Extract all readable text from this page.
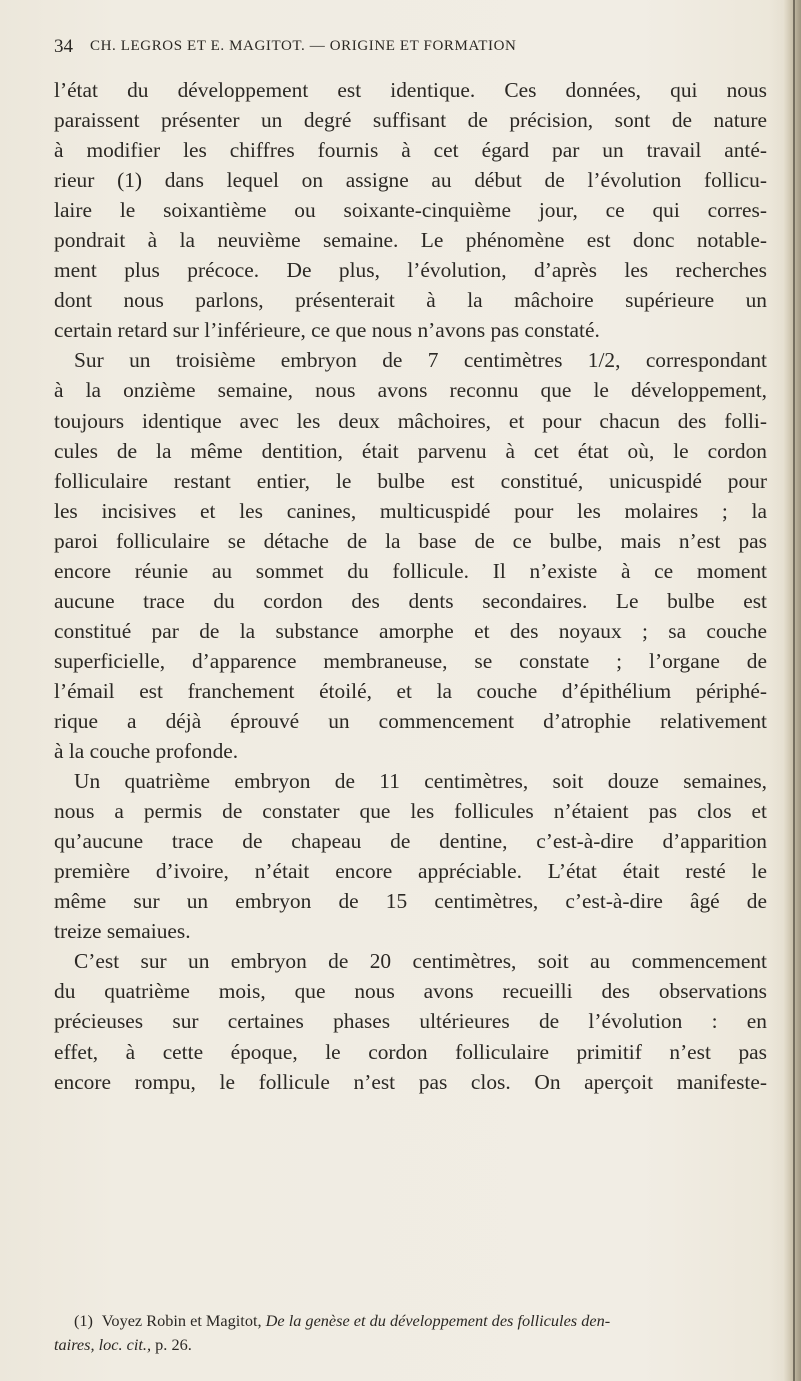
34 CH. LEGROS ET E. MAGITOT. — ORIGINE ET FORMATION
l’état du développement est identique. Ces données, qui nous
paraissent présenter un degré suffisant de précision, sont de nature
à modifier les chiffres fournis à cet égard par un travail anté-
rieur (1) dans lequel on assigne au début de l’évolution follicu-
laire le soixantième ou soixante-cinquième jour, ce qui corres-
pondrait à la neuvième semaine. Le phénomène est donc notable-
ment plus précoce. De plus, l’évolution, d’après les recherches
dont nous parlons, présenterait à la mâchoire supérieure un
certain retard sur l’inférieure, ce que nous n’avons pas constaté.
Sur un troisième embryon de 7 centimètres 1/2, correspondant
à la onzième semaine, nous avons reconnu que le développement,
toujours identique avec les deux mâchoires, et pour chacun des folli-
cules de la même dentition, était parvenu à cet état où, le cordon
folliculaire restant entier, le bulbe est constitué, unicuspidé pour
les incisives et les canines, multicuspidé pour les molaires ; la
paroi folliculaire se détache de la base de ce bulbe, mais n’est pas
encore réunie au sommet du follicule. Il n’existe à ce moment
aucune trace du cordon des dents secondaires. Le bulbe est
constitué par de la substance amorphe et des noyaux ; sa couche
superficielle, d’apparence membraneuse, se constate ; l’organe de
l’émail est franchement étoilé, et la couche d’épithélium périphé-
rique a déjà éprouvé un commencement d’atrophie relativement
à la couche profonde.
Un quatrième embryon de 11 centimètres, soit douze semaines,
nous a permis de constater que les follicules n’étaient pas clos et
qu’aucune trace de chapeau de dentine, c’est-à-dire d’apparition
première d’ivoire, n’était encore appréciable. L’état était resté le
même sur un embryon de 15 centimètres, c’est-à-dire âgé de
treize semaiues.
C’est sur un embryon de 20 centimètres, soit au commencement
du quatrième mois, que nous avons recueilli des observations
précieuses sur certaines phases ultérieures de l’évolution : en
effet, à cette époque, le cordon folliculaire primitif n’est pas
encore rompu, le follicule n’est pas clos. On aperçoit manifeste-
(1) Voyez Robin et Magitot, De la genèse et du développement des follicules den-
taires, loc. cit., p. 26.
